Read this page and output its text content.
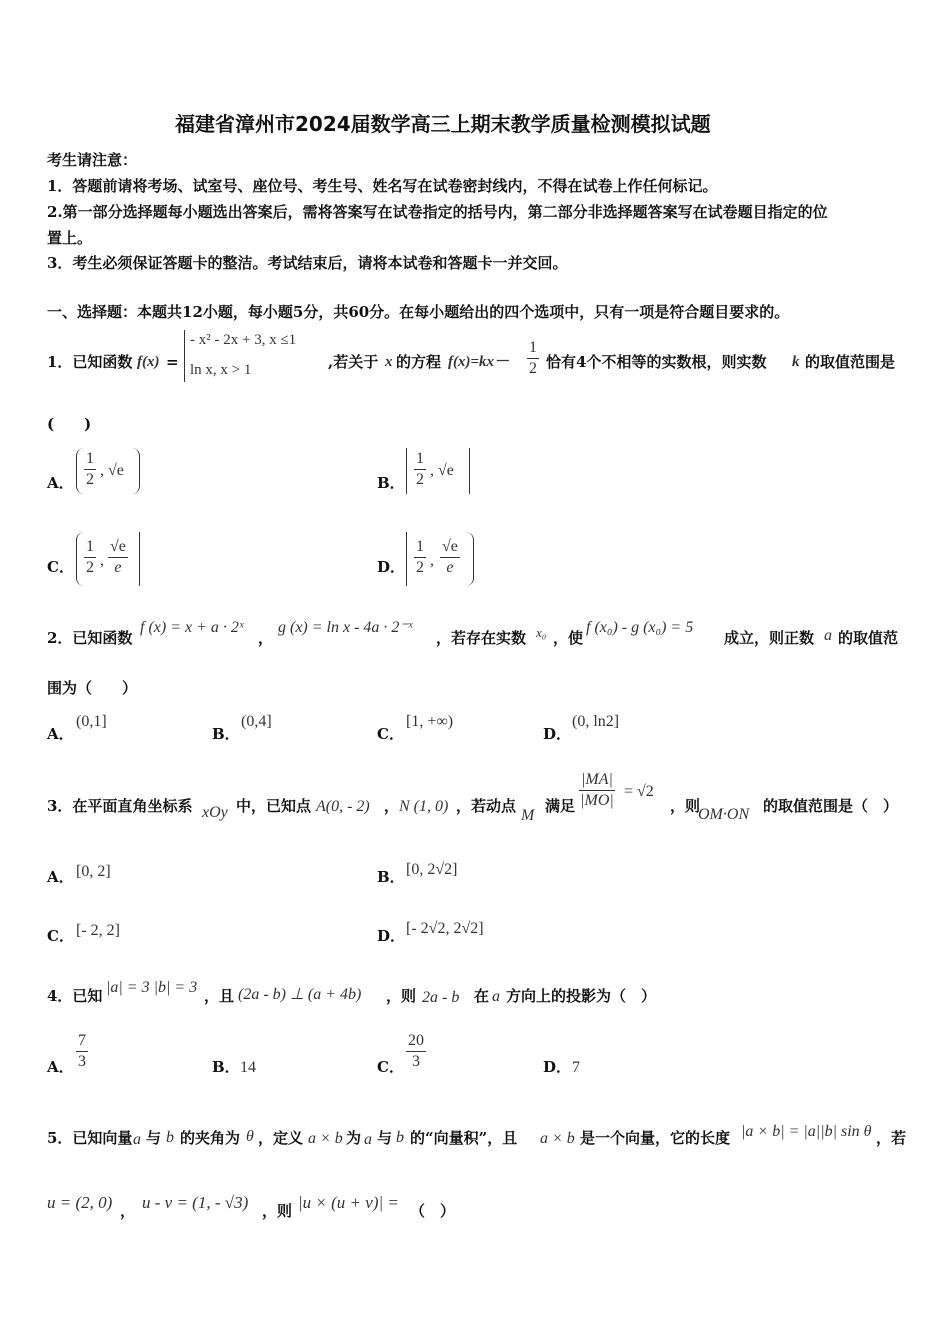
福建省漳州市2024届数学高三上期末教学质量检测模拟试题
考生请注意：
1．答题前请将考场、试室号、座位号、考生号、姓名写在试卷密封线内，不得在试卷上作任何标记。
2.第一部分选择题每小题选出答案后，需将答案写在试卷指定的括号内，第二部分非选择题答案写在试卷题目指定的位
置上。
3．考生必须保证答题卡的整洁。考试结束后，请将本试卷和答题卡一并交回。
一、选择题：本题共12小题，每小题5分，共60分。在每小题给出的四个选项中，只有一项是符合题目要求的。
1．已知函数 f(x) =
- x² - 2x + 3, x ≤1
ln x, x > 1	,若关于 x 的方程 $f(x)=kx- \frac{1}{2}$ 恰有4个不相等的实数根，则实数 k 的取值范围是
(　　)
A． $\frac{1}{2}$ , √e
B． $\frac{1}{2}$ , √e
C． $\frac{1}{2}$ , $\frac{√e}{e}$	D． $\frac{1}{2}$ , $\frac{√e}{e}$
2．已知函数
f (x) = x + a · 2ˣ
，
g (x) = ln x - 4a · 2⁻ˣ
，若存在实数 x₀ ，使
f (x₀) - g (x₀) = 5
成立，则正数 a 的取值范
围为（　　）
A．
(0,1]
B．
(0,4]
C．
[1, +∞)
D．
(0, ln2]
3．在平面直角坐标系 xOy 中，已知点 A(0, - 2) ， N (1, 0) ，若动点
M
满足 $\frac{|MA|}{|MO|} = √2$
，则
OM·ON 的取值范围是（　）
A． [0, 2]	B． [0, 2√2]
C． [- 2, 2]	D． [- 2√2, 2√2]
4．已知 |a| = 3 |b| = 3 ，且 (2a - b) ⊥ (a + 4b) ，则 2a - b 在 a 方向上的投影为（　）
A． $\frac{7}{3}$	B． 14	C． $\frac{20}{3}$	D． 7
5．已知向量 a 与 b 的夹角为 θ ，定义 a × b 为 a 与 b 的“向量积”，且 a × b 是一个向量，它的长度 |a × b| = |a||b| sin θ ，若
u = (2, 0) ， u - v = (1, - √3) ，则 |u × (u + v)| = （　）
